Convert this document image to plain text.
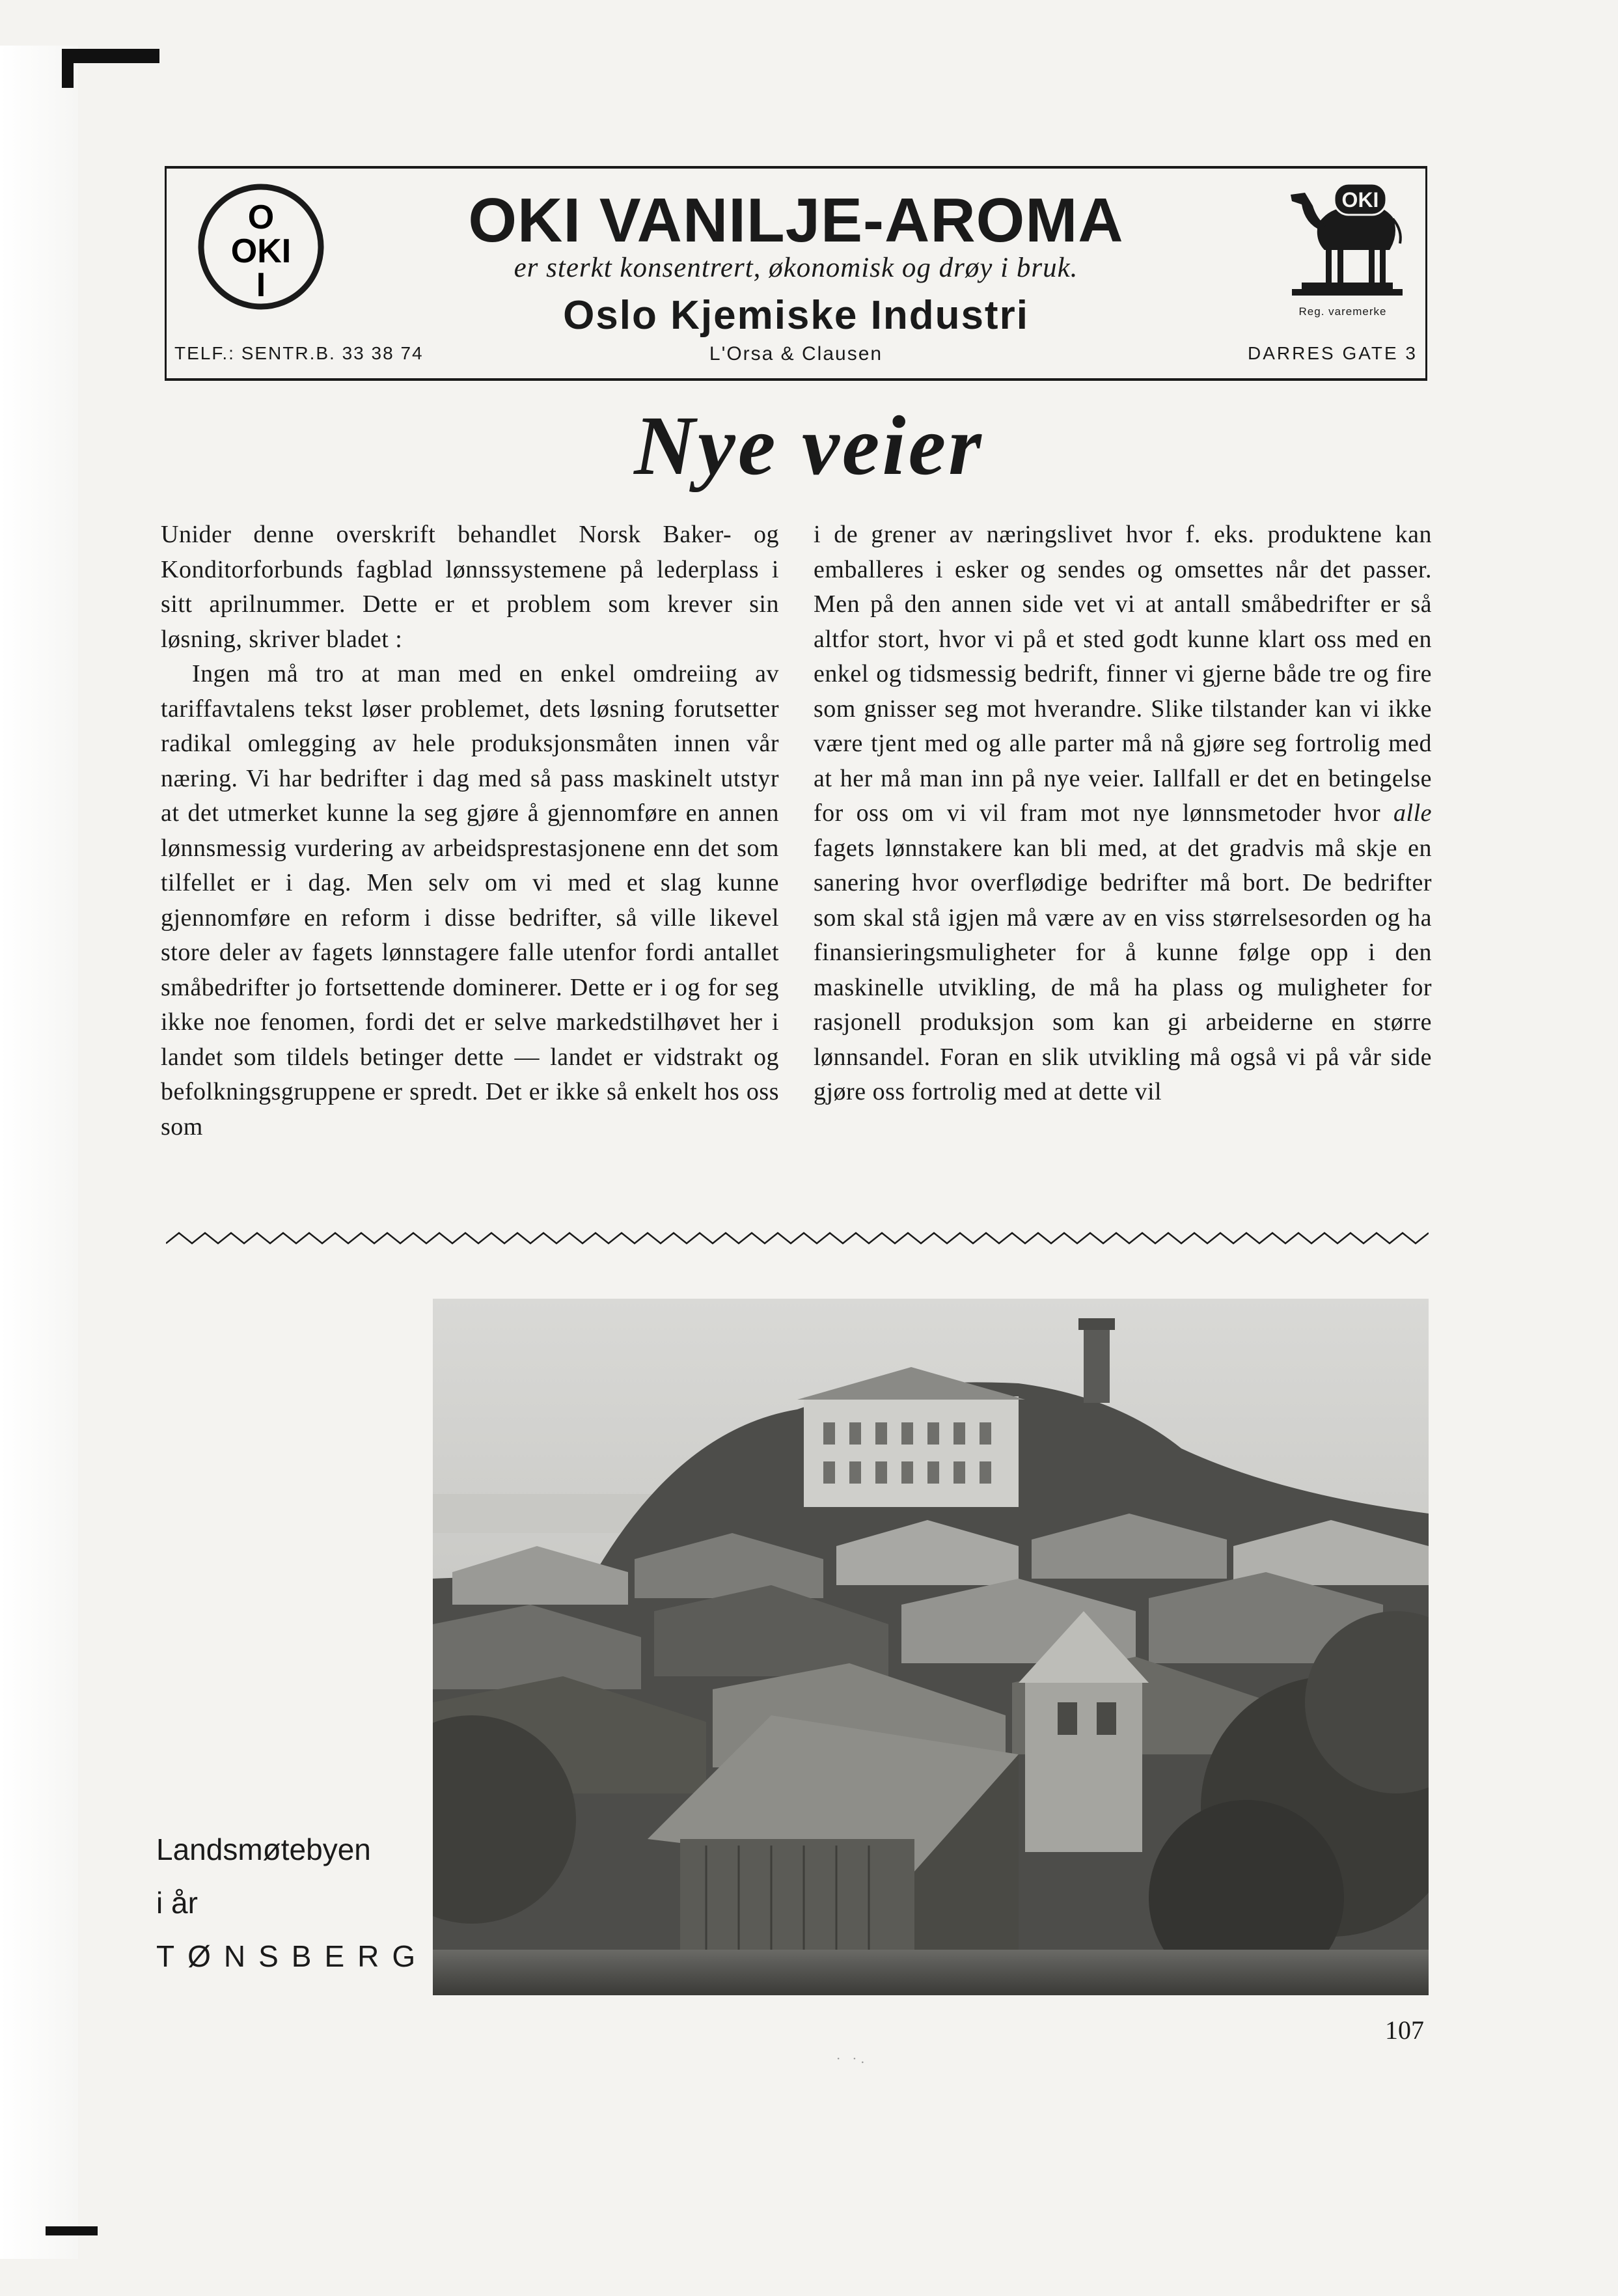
O
OKI
I
OKI VANILJE-AROMA
er sterkt konsentrert, økonomisk og drøy i bruk.
Oslo Kjemiske Industri
L'Orsa & Clausen
TELF.: SENTR.B. 33 38 74	DARRES GATE 3
OKI
Reg. varemerke
Nye veier

Unider denne overskrift behandlet Norsk Baker- og Konditorforbunds fagblad lønnssystemene på lederplass i sitt aprilnummer. Dette er et problem som krever sin løsning, skriver bladet :

Ingen må tro at man med en enkel omdreiing av tariffavtalens tekst løser problemet, dets løsning forutsetter radikal omlegging av hele produksjonsmåten innen vår næring. Vi har bedrifter i dag med så pass maskinelt utstyr at det utmerket kunne la seg gjøre å gjennomføre en annen lønnsmessig vurdering av arbeidsprestasjonene enn det som tilfellet er i dag. Men selv om vi med et slag kunne gjennomføre en reform i disse bedrifter, så ville likevel store deler av fagets lønnstagere falle utenfor fordi antallet småbedrifter jo fortsettende dominerer. Dette er i og for seg ikke noe fenomen, fordi det er selve markedstilhøvet her i landet som tildels betinger dette — landet er vidstrakt og befolkningsgruppene er spredt. Det er ikke så enkelt hos oss som

i de grener av næringslivet hvor f. eks. produktene kan emballeres i esker og sendes og omsettes når det passer. Men på den annen side vet vi at antall småbedrifter er så altfor stort, hvor vi på et sted godt kunne klart oss med en enkel og tidsmessig bedrift, finner vi gjerne både tre og fire som gnisser seg mot hverandre. Slike tilstander kan vi ikke være tjent med og alle parter må nå gjøre seg fortrolig med at her må man inn på nye veier. Iallfall er det en betingelse for oss om vi vil fram mot nye lønnsmetoder hvor alle fagets lønnstakere kan bli med, at det gradvis må skje en sanering hvor overflødige bedrifter må bort. De bedrifter som skal stå igjen må være av en viss størrelsesorden og ha finansieringsmuligheter for å kunne følge opp i den maskinelle utvikling, de må ha plass og muligheter for rasjonell produksjon som kan gi arbeiderne en større lønnsandel. Foran en slik utvikling må også vi på vår side gjøre oss fortrolig med at dette vil

Landsmøtebyen
i år
TØNSBERG
107
· ·.
